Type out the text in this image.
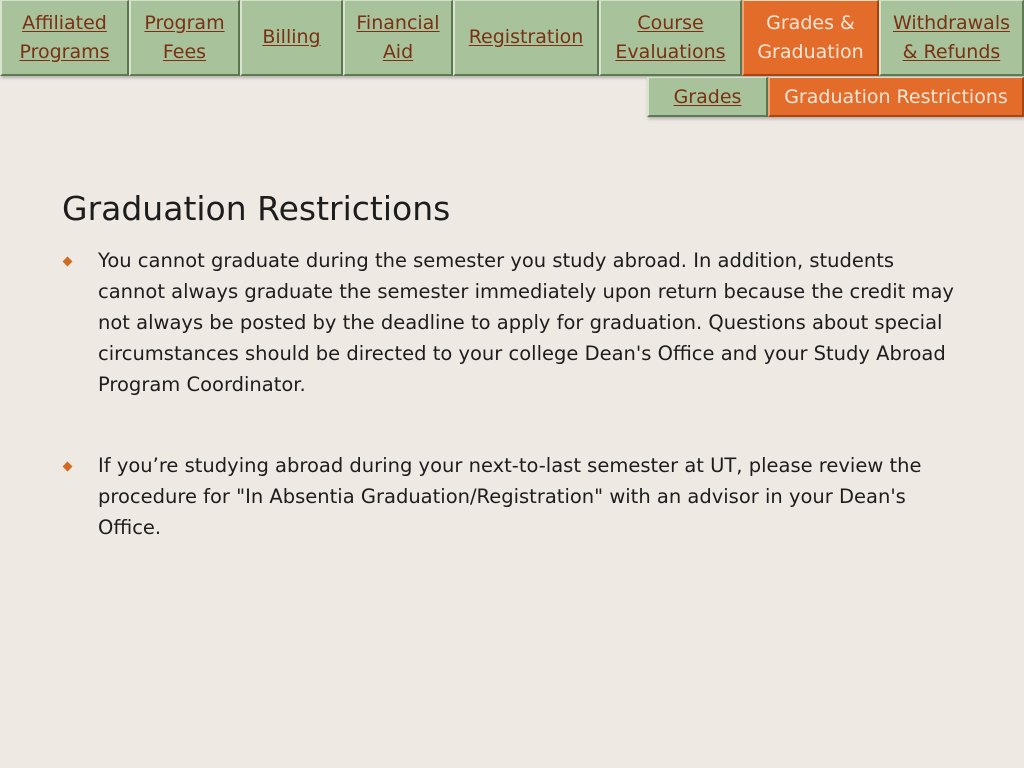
Affiliated
Programs
Program
Fees
Billing
Financial
Aid
Registration
Course
Evaluations
Grades &
Graduation
Withdrawals
& Refunds
Grades Graduation Restrictions
Graduation Restrictions
You cannot graduate during the semester you study abroad. In addition, students cannot always graduate the semester immediately upon return because the credit may not always be posted by the deadline to apply for graduation. Questions about special circumstances should be directed to your college Dean's Office and your Study Abroad Program Coordinator.
If you’re studying abroad during your next-to-last semester at UT, please review the procedure for "In Absentia Graduation/Registration" with an advisor in your Dean's Office.
